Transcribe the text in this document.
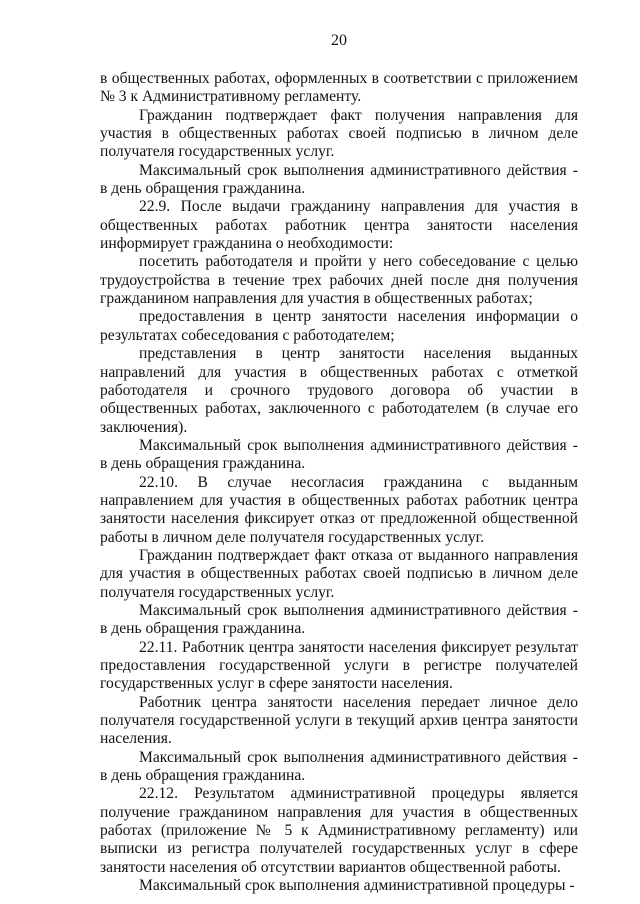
20

в общественных работах, оформленных в соответствии с приложением № 3 к Административному регламенту.

Гражданин подтверждает факт получения направления для участия в общественных работах своей подписью в личном деле получателя государственных услуг.

Максимальный срок выполнения административного действия - в день обращения гражданина.

22.9. После выдачи гражданину направления для участия в общественных работах работник центра занятости населения информирует гражданина о необходимости:

посетить работодателя и пройти у него собеседование с целью трудоустройства в течение трех рабочих дней после дня получения гражданином направления для участия в общественных работах;

предоставления в центр занятости населения информации о результатах собеседования с работодателем;

представления в центр занятости населения выданных направлений для участия в общественных работах с отметкой работодателя и срочного трудового договора об участии в общественных работах, заключенного с работодателем (в случае его заключения).

Максимальный срок выполнения административного действия - в день обращения гражданина.

22.10. В случае несогласия гражданина с выданным направлением для участия в общественных работах работник центра занятости населения фиксирует отказ от предложенной общественной работы в личном деле получателя государственных услуг.

Гражданин подтверждает факт отказа от выданного направления для участия в общественных работах своей подписью в личном деле получателя государственных услуг.

Максимальный срок выполнения административного действия - в день обращения гражданина.

22.11. Работник центра занятости населения фиксирует результат предоставления государственной услуги в регистре получателей государственных услуг в сфере занятости населения.

Работник центра занятости населения передает личное дело получателя государственной услуги в текущий архив центра занятости населения.

Максимальный срок выполнения административного действия - в день обращения гражданина.

22.12. Результатом административной процедуры является получение гражданином направления для участия в общественных работах (приложение № 5 к Административному регламенту) или выписки из регистра получателей государственных услуг в сфере занятости населения об отсутствии вариантов общественной работы.

Максимальный срок выполнения административной процедуры -
